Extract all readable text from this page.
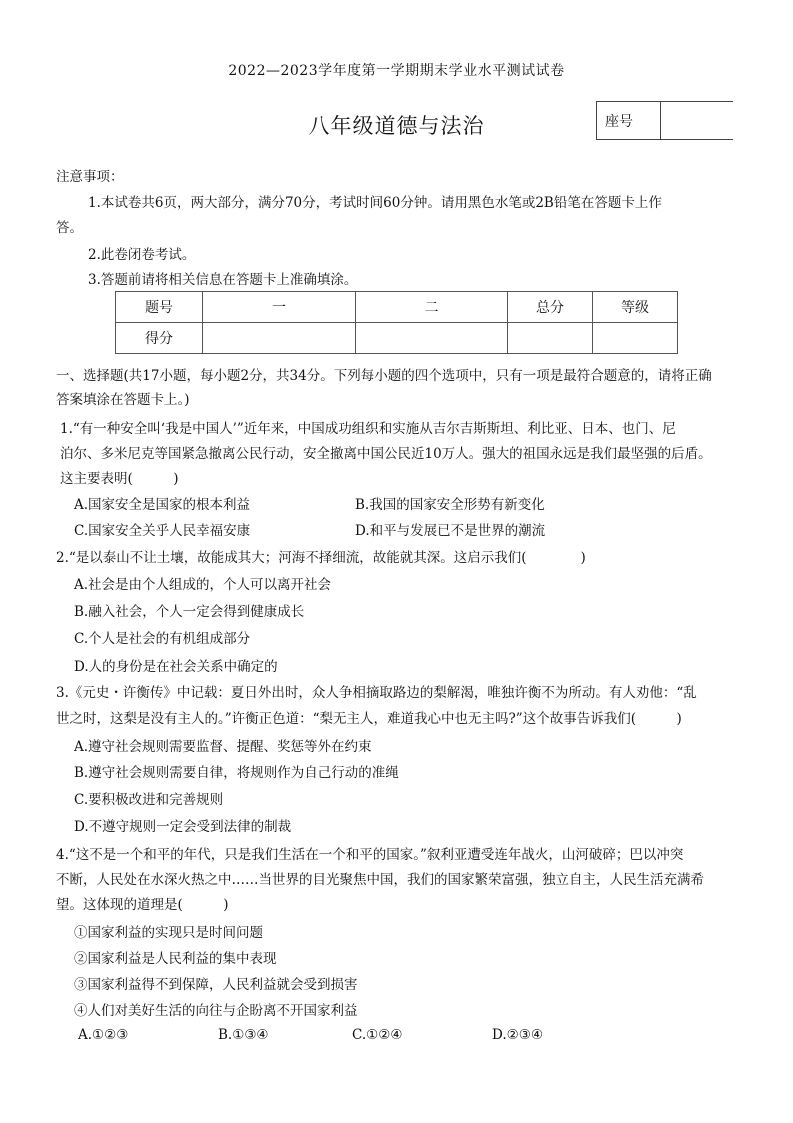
2022—2023学年度第一学期期末学业水平测试试卷
八年级道德与法治	座号
注意事项：
1.本试卷共6页，两大部分，满分70分，考试时间60分钟。请用黑色水笔或2B铅笔在答题卡上作
答。
2.此卷闭卷考试。
3.答题前请将相关信息在答题卡上准确填涂。
题号	一	二	总分	等级
得分				
一、选择题(共17小题，每小题2分，共34分。下列每小题的四个选项中，只有一项是最符合题意的，请将正确
答案填涂在答题卡上。)
1.“有一种安全叫‘我是中国人’”近年来，中国成功组织和实施从吉尔吉斯斯坦、利比亚、日本、也门、尼
泊尔、多米尼克等国紧急撤离公民行动，安全撤离中国公民近10万人。强大的祖国永远是我们最坚强的后盾。
这主要表明(　　　)
A.国家安全是国家的根本利益	B.我国的国家安全形势有新变化
C.国家安全关乎人民幸福安康	D.和平与发展已不是世界的潮流
2.“是以泰山不让土壤，故能成其大；河海不择细流，故能就其深。这启示我们(　　　　)
A.社会是由个人组成的，个人可以离开社会
B.融入社会，个人一定会得到健康成长
C.个人是社会的有机组成部分
D.人的身份是在社会关系中确定的
3.《元史・许衡传》中记载：夏日外出时，众人争相摘取路边的梨解渴，唯独许衡不为所动。有人劝他：“乱
世之时，这梨是没有主人的。”许衡正色道：“梨无主人，难道我心中也无主吗?”这个故事告诉我们(　　　)
A.遵守社会规则需要监督、提醒、奖惩等外在约束
B.遵守社会规则需要自律，将规则作为自己行动的准绳
C.要积极改进和完善规则
D.不遵守规则一定会受到法律的制裁
4.“这不是一个和平的年代，只是我们生活在一个和平的国家。”叙利亚遭受连年战火，山河破碎；巴以冲突
不断，人民处在水深火热之中……当世界的目光聚焦中国，我们的国家繁荣富强，独立自主，人民生活充满希
望。这体现的道理是(　　　)
①国家利益的实现只是时间问题
②国家利益是人民利益的集中表现
③国家利益得不到保障，人民利益就会受到损害
④人们对美好生活的向往与企盼离不开国家利益
A.①②③	B.①③④	C.①②④	D.②③④
